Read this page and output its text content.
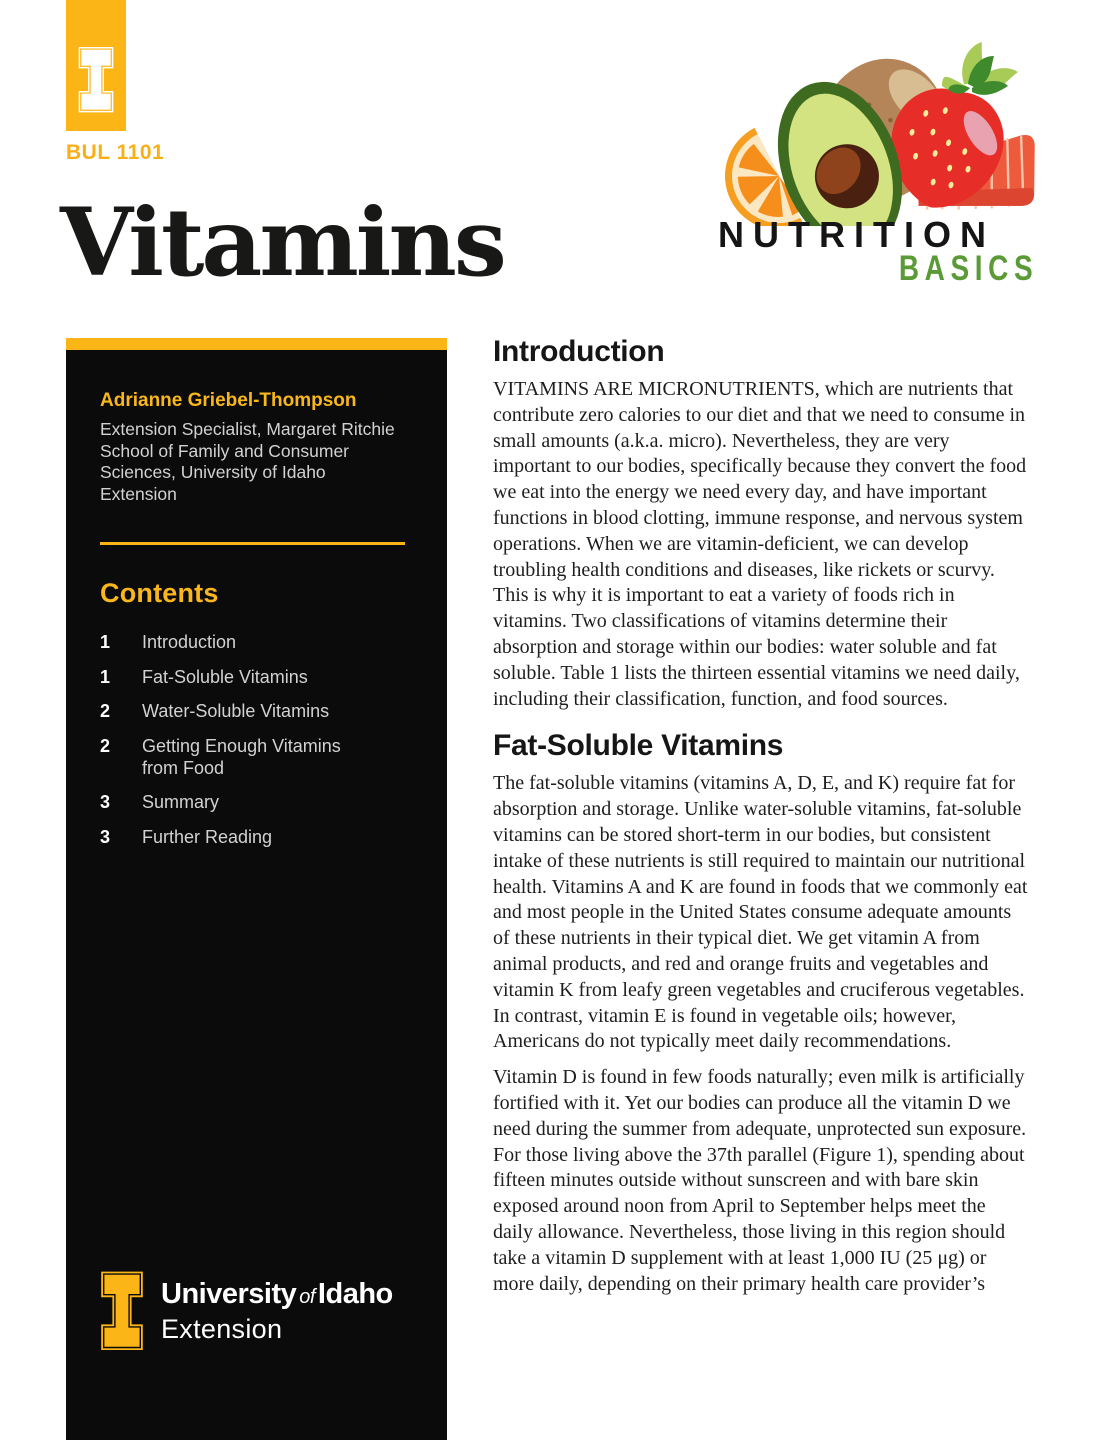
BUL 1101
Vitamins	NUTRITION
BASICS

Adrianne Griebel-Thompson

Extension Specialist, Margaret Ritchie School of Family and Consumer Sciences, University of Idaho Extension

Contents
1	Introduction
1	Fat-Soluble Vitamins
2	Water-Soluble Vitamins
2	Getting Enough Vitamins from Food
3	Summary
3	Further Reading
University of Idaho
Extension
Introduction

VITAMINS ARE MICRONUTRIENTS, which are nutrients that contribute zero calories to our diet and that we need to consume in small amounts (a.k.a. micro). Nevertheless, they are very important to our bodies, specifically because they convert the food we eat into the energy we need every day, and have important functions in blood clotting, immune response, and nervous system operations. When we are vitamin-deficient, we can develop troubling health conditions and diseases, like rickets or scurvy. This is why it is important to eat a variety of foods rich in vitamins. Two classifications of vitamins determine their absorption and storage within our bodies: water soluble and fat soluble. Table 1 lists the thirteen essential vitamins we need daily, including their classification, function, and food sources.

Fat-Soluble Vitamins

The fat-soluble vitamins (vitamins A, D, E, and K) require fat for absorption and storage. Unlike water-soluble vitamins, fat-soluble vitamins can be stored short-term in our bodies, but consistent intake of these nutrients is still required to maintain our nutritional health. Vitamins A and K are found in foods that we commonly eat and most people in the United States consume adequate amounts of these nutrients in their typical diet. We get vitamin A from animal products, and red and orange fruits and vegetables and vitamin K from leafy green vegetables and cruciferous vegetables. In contrast, vitamin E is found in vegetable oils; however, Americans do not typically meet daily recommendations.

Vitamin D is found in few foods naturally; even milk is artificially fortified with it. Yet our bodies can produce all the vitamin D we need during the summer from adequate, unprotected sun exposure. For those living above the 37th parallel (Figure 1), spending about fifteen minutes outside without sunscreen and with bare skin exposed around noon from April to September helps meet the daily allowance. Nevertheless, those living in this region should take a vitamin D supplement with at least 1,000 IU (25 μg) or more daily, depending on their primary health care provider’s
